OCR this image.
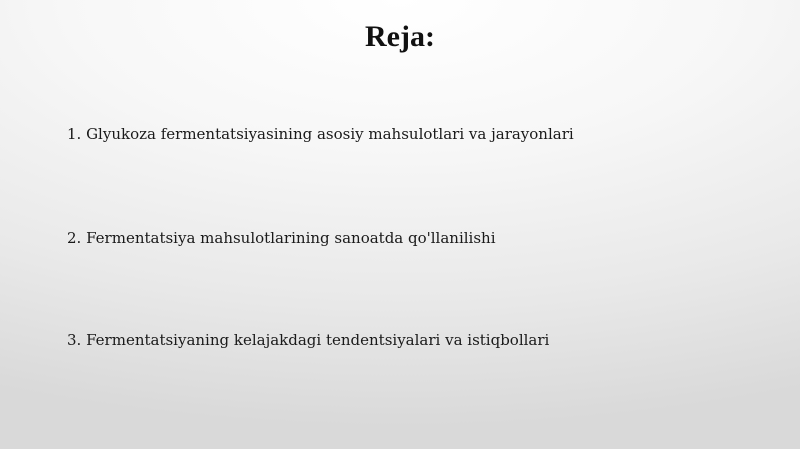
Reja:
1. Glyukoza fermentatsiyasining asosiy mahsulotlari va jarayonlari
2. Fermentatsiya mahsulotlarining sanoatda qo'llanilishi
3. Fermentatsiyaning kelajakdagi tendentsiyalari va istiqbollari
